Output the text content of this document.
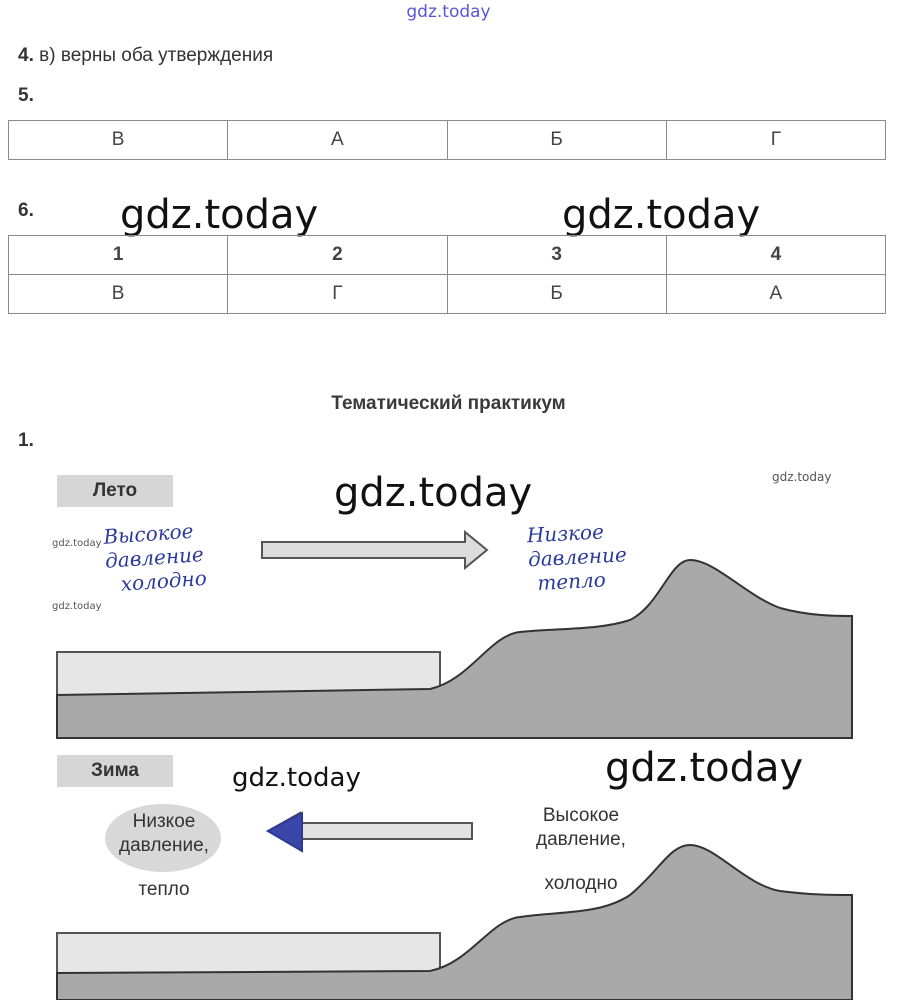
gdz.today
4. в) верны оба утверждения
5.
В	А	Б	Г
6. gdz.today	gdz.today
1	2	3	4
В	Г	Б	А
Тематический практикум
1.
Лето	gdz.today	gdz.today
gdz.today
gdz.today
Высокое
давление
холодно
Низкое
давление
тепло
Зима	gdz.today	gdz.today
Низкое
давление,
тепло
Высокое
давление,
холодно
